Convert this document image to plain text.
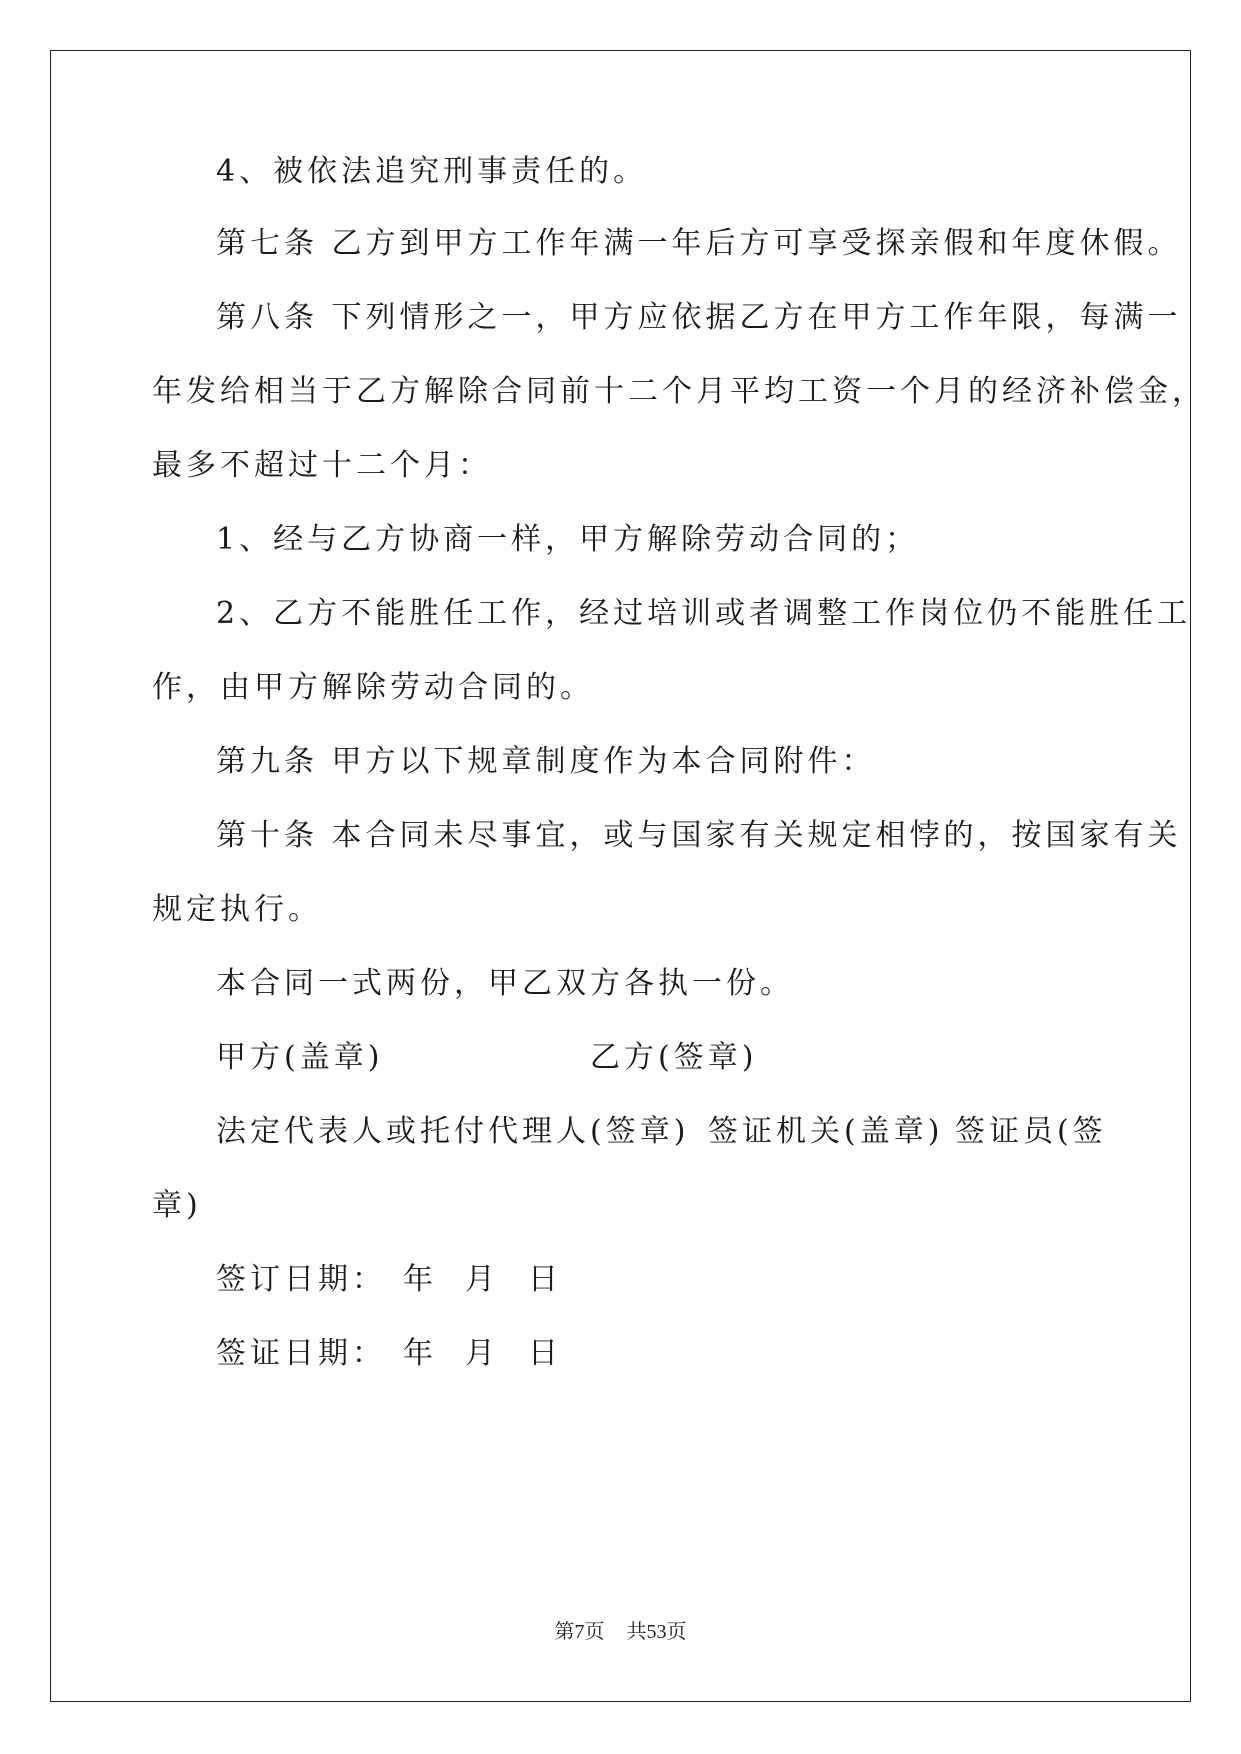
4、被依法追究刑事责任的。
第七条 乙方到甲方工作年满一年后方可享受探亲假和年度休假。
第八条 下列情形之一，甲方应依据乙方在甲方工作年限，每满一
年发给相当于乙方解除合同前十二个月平均工资一个月的经济补偿金，
最多不超过十二个月：
1、经与乙方协商一样，甲方解除劳动合同的；
2、乙方不能胜任工作，经过培训或者调整工作岗位仍不能胜任工
作，由甲方解除劳动合同的。
第九条 甲方以下规章制度作为本合同附件：
第十条 本合同未尽事宜，或与国家有关规定相悖的，按国家有关
规定执行。
本合同一式两份，甲乙双方各执一份。
甲方(盖章)	乙方(签章)
法定代表人或托付代理人(签章) 签证机关(盖章) 签证员(签
章)
签订日期： 年 月 日
签证日期： 年 月 日
第7页 共53页
